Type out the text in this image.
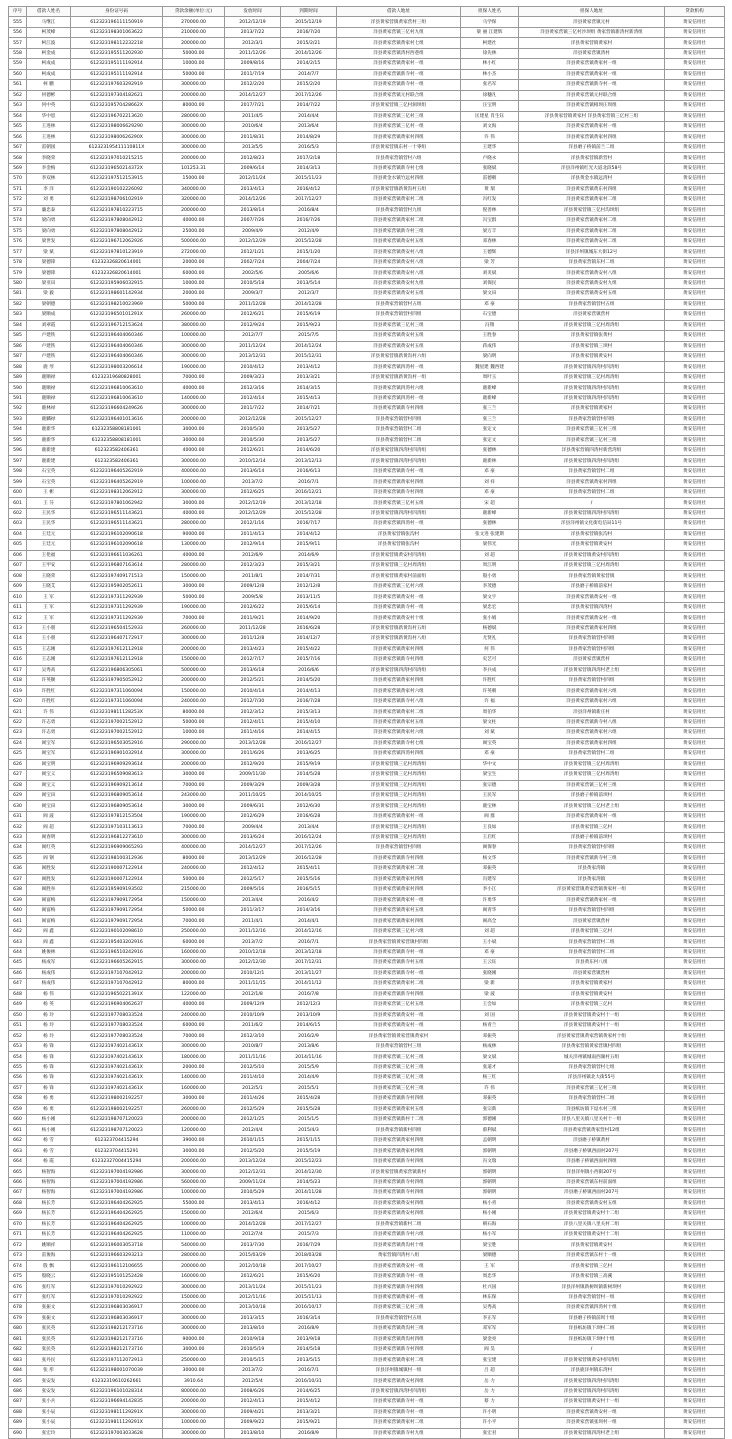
序号	借款人姓名	身份证号码	贷款余额(单位:元)	发放时间	到期时间	借款人地址	担保人姓名	担保人地址	贷款机构
555	马继江	612323196111150919	270000.00	2012/12/19	2015/12/19	洋县黄家营镇黄家营村三组	马学保	洋县黄家营镇元村	黄安信用社
556	柯茂峰	612323198301063622	210000.00	2013/7/22	2016/7/20	洋县黄家营镇三亿村九组	梁 丽 江建辉	洋县黄家营镇三亿村沙坝组 黄家营镇新湾村新湾组	黄安信用社
557	柯江波	612323198112232218	200000.00	2012/3/1	2015/2/21	洋县黄家营镇黄家村七组	柯建社	洋县黄家营镇黄家村	黄安信用社
558	柯金成	612323195511202930	50000.00	2011/12/26	2014/12/26	洋县黄家营镇湾村西巷组	徐先林	洋县黄家营镇湾村	黄安信用社
559	柯成成	612323195111192914	10000.00	2009/8/16	2014/2/15	洋县黄家营镇黄家村一组	林小红	洋县黄家营镇黄家村一组	黄安信用社
560	柯成成	612323195111192914	50000.00	2011/7/19	2014/7/7	洋县黄家营镇新寺村一组	林小杰	洋县黄家营镇黄家村一组	黄安信用社
561	柯 鹏	612323197603292919	300000.00	2012/2/20	2015/2/20	洋县黄家营镇新寺村一组	张名军	洋县黄家营镇新寺村一组	黄安信用社
562	何德彬	612323197304182621	200000.00	2014/12/27	2017/12/26	洋县黄家营镇元村联合组	徐穗凡	洋县黄家营镇元村联合组	黄安信用社
563	何中英	61232319570428662X	80000.00	2017/7/21	2014/7/22	洋县黄家营镇三亿村洞坝组	汪宝明	洋县黄家营镇相坝庄坝组	黄安信用社
564	华中恩	612323196702213620	280000.00	2011/4/5	2014/4/4	洋县黄家营镇三亿村三组	匡建星 肖生钰	洋县黄家营镇黄家村 洋县黄家营镇三亿村三组	黄安信用社
565	王进林	612323198006629290	300000.00	2010/6/4	2013/6/4	洋县黄家营镇三亿村一组	刘文海	洋县黄家营镇黄家村一组	黄安信用社
566	王进林	61232319800626290X	300000.00	2011/8/31	2014/8/29	洋县黄家营镇黄家村四组	许 伟	洋县黄家营镇黄家村四组	黄安信用社
567	雷朝国	612323195411110811X	300000.00	2013/5/5	2016/5/3	洋县黄家营镇东村一十零组	王建华	洋县磨子桥镇前兰二组	黄安信用社
568	李晓荣	612323197010215215	200000.00	2012/8/23	2017/2/18	洋县黄家营镇营村六组	卢晓永	洋县黄家营镇新营村	黄安信用社
569	李金梅	61232319650214372X	101253.31	2009/6/14	2014/3/13	洋县黄家营镇新寺村七组	张晓斌	洋县洋州镇红光大道北段58号	黄安信用社
570	李双林	612323197512153915	15000.00	2012/11/24	2015/11/23	洋县黄金水镇竹远村四组	雷德朝	洋县黄金水镇远湾村	黄安信用社
571	李 洋	612323190102226092	340000.00	2013/4/13	2016/4/12	洋县黄家营镇新黄沟村五组	黄 瑞	洋县黄家营镇黄东村四组	黄安信用社
572	刘 勇	612323198706102919	320000.00	2014/12/26	2017/12/27	洋县黄家营镇黄家村二组	冯红发	洋县黄家营镇黄家村二组	黄安信用社
573	廉忠泰	612323197810223715	200000.00	2013/8/14	2016/8/4	洋县黄家营镇营村九组	倪善林	洋县黄家营镇三亿村沟坝组	黄安信用社
574	梁向勇	612323197808042912	40000.00	2007/7/26	2016/7/26	洋县黄家营镇黄家村二组	冯宝群	洋县黄家营镇黄家村二组	黄安信用社
575	梁向勇	612323197808042912	25000.00	2009/4/9	2012/4/9	洋县黄家营镇新寺村三组	梁万丰	洋县黄家营镇黄家村二组	黄安信用社
576	梁世发	612323196712062926	500000.00	2012/12/29	2015/12/28	洋县黄家营镇黄安村五组	邓春林	洋县黄家营镇黄安村二组	黄安信用社
577	梁 斌	612323197810123919	272000.00	2012/1/21	2015/1/20	洋县黄家营镇黄安村八组	王德辉	洋县洋州镇城东大街12号	黄安信用社
578	梁德锋	61232326820614001	20000.00	2002/7/24	2004/7/24	洋县黄家营镇黄安村八组	梁 芳	洋县黄家营镇东村二组	黄安信用社
579	梁德锋	61232326820614001	60000.00	2002/5/6	2005/6/6	洋县黄家营镇黄安村八组	刘炎斌	洋县黄家营镇黄安村八组	黄安信用社
580	梁亚田	612323195906032915	10000.00	2010/5/18	2013/5/14	洋县黄家营镇黄安村九组	刘保民	洋县黄家营镇黄安村九组	黄安信用社
581	梁 毅	612323198601142934	20000.00	2009/3/7	2012/3/7	洋县黄家营镇黄安村五组	梁文田	洋县黄家营镇黄安村五组	黄安信用社
582	梁朝德	612323198210023969	50000.00	2011/12/28	2014/12/28	洋县黄家营镇营村五组	邓 豪	洋县黄家营镇营村五组	黄安信用社
583	梁顺成	61232319650101291X	260000.00	2012/6/21	2015/6/19	洋县黄家营镇营村四组	石宝德	洋县黄家营镇营村	黄安信用社
584	刘翠霞	612323196712153624	380000.00	2012/9/24	2015/9/23	洋县黄家营镇三亿村三组	冯翔	洋县黄家营镇三亿村周湾组	黄安信用社
585	卢建铁	612323196404060346	100000.00	2012/7/7	2015/7/5	洋县黄家营镇黄安村五组	王胜春	洋县黄家营镇张黄村	黄安信用社
586	卢建铁	612323196404060346	300000.00	2011/12/24	2014/12/24	洋县黄家营镇黄安村五组	蒋成伟	洋县黄家营镇三坝村	黄安信用社
587	卢建铁	612323196404060346	300000.00	2013/12/31	2015/12/31	洋县黄家营镇新黄沟村六组	梁向明	洋县黄家营镇黄安村	黄安信用社
588	鹿 琴	612323198003206614	190000.00	2010/4/12	2013/4/12	洋县黄家营镇四湾村一组	魏星建 魏西建	洋县黄家营镇四湾村四湾组	黄安信用社
589	鹿顺禄	61232319680828001	70000.00	2009/3/23	2013/3/21	洋县黄家营镇新黄沟村一组	周叶玉	洋县黄家营镇三亿村周湾组	黄安信用社
590	鹿顺禄	612323196810063610	40000.00	2012/3/16	2014/3/15	洋县黄家营镇四湾村六组	鹿新峰	洋县黄家营镇四湾村四湾组	黄安信用社
591	鹿顺禄	612323196810063610	140000.00	2012/4/14	2015/4/13	洋县黄家营镇四湾村一组	鹿新峰	洋县黄家营镇四湾村四湾组	黄安信用社
592	鹿林禄	612323196604249626	300000.00	2011/7/22	2014/7/21	洋县黄家营镇新寺村四组	张三兰	洋县黄家营镇黄家村	黄安信用社
593	鹿麟禄	612323196401013616	200000.00	2012/12/28	2015/12/27	洋县黄家营镇营村四组	张三兰	洋县黄家营镇营村四组	黄安信用社
594	鹿新华	61232358808181001	30000.00	2010/5/30	2013/5/27	洋县黄家营镇营村二组	张定文	洋县黄家营镇三亿村三组	黄安信用社
595	鹿新华	61232358808181001	30000.00	2010/5/30	2013/5/27	洋县黄家营镇营村二组	张定文	洋县黄家营镇三亿村三组	黄安信用社
596	鹿新建	612323582406361	40000.00	2012/6/21	2014/6/20	洋县黄家营镇四湾村四湾组	张德林	洋县黄家营镇四湾村新营湾组	黄安信用社
597	鹿新建	612323582406361	300000.00	2010/12/14	2013/12/13	洋县黄家营镇四湾村四湾组	鹿新林	洋县黄家营镇四湾村四湾组	黄安信用社
598	石宝英	612323196405262919	400000.00	2013/6/14	2016/6/13	洋县黄家营镇新寺村一组	邓 豪	洋县黄家营镇营村二组	黄安信用社
599	石宝英	612323196405262919	100000.00	2013/7/2	2016/7/1	洋县黄家营镇黄家村四组	刘 祥	洋县黄家营镇黄家村四组	黄安信用社
600	王 彬	612323198312062912	300000.00	2012/6/25	2016/12/21	洋县黄家营镇新寺村四组	邓 豪	洋县黄家营镇营村二组	黄安信用社
601	王 芬	612323197801062942	30000.00	2012/12/19	2013/12/18	洋县黄家营镇三亿村五组	宋 超	/	黄安信用社
602	王民华	612323196511143621	40000.00	2012/12/29	2015/12/28	洋县黄家营镇四湾村四湾组	鹿新峰	洋县黄家营镇四湾村四湾组	黄安信用社
603	王民华	612323196511143621	280000.00	2012/1/16	2016/7/17	洋县黄家营镇四湾村一组	张德林	洋县洋州镇文化街电信局11号	黄安信用社
604	王廷元	612323196102090618	90000.00	2011/4/13	2014/4/12	洋县黄家营镇张沟村	张文进 张建斯	洋县黄家营镇张沟村	黄安信用社
605	王廷元	612323196102090618	130000.00	2012/9/14	2015/9/11	洋县黄家营镇张沟村	梁伟光	洋县黄家营镇黄安村	黄安信用社
606	王伦福	612323196611036261	40000.00	2012/6/9	2014/6/9	洋县黄家营镇黄安村四湾组	刘 超	洋县黄家营镇黄安村四湾组	黄安信用社
607	王甲安	612323196807163614	280000.00	2012/3/23	2015/3/21	洋县黄家营镇三亿村周湾组	周江明	洋县黄家营镇三亿村周湾组	黄安信用社
608	王晓荣	612323197409171513	150000.00	2011/8/1	2014/7/31	洋县黄家营镇黄家村前面组	殷小勇	洋县黄家营镇黄家营镇	黄安信用社
609	王晓艾	612323195902052611	30000.00	2009/12/8	2012/12/8	洋县黄家营镇三亿村六组	李茂德	洋县磨子桥镇前家村	黄安信用社
610	王 军	612323197311292939	50000.00	2009/5/8	2013/11/5	洋县黄家营镇黄安村一组	梁文宇	洋县黄家营镇黄安村一组	黄安信用社
611	王 军	612323197311292939	190000.00	2012/6/22	2015/6/14	洋县黄家营镇新寺村一组	梁忠宏	洋县黄家营镇四湾村	黄安信用社
612	王 军	612323197311292939	70000.00	2011/9/21	2014/9/20	洋县黄家营镇黄安村十组	张小娟	洋县黄家营镇黄安村一组	黄安信用社
613	王小朋	612323196504152933	260000.00	2011/12/28	2016/6/28	洋县黄家营镇新黄沟村五组	杨德斌	洋县黄家营镇黄家村四组	黄安信用社
614	王小朋	612323196407172917	300000.00	2011/12/8	2014/12/7	洋县黄家营镇新黄沟村八组	尤贤礼	洋县黄家营镇营村四组	黄安信用社
615	王志刚	612323197612112918	200000.00	2013/4/23	2015/4/22	洋县黄家营镇黄家村四组	何 伟	洋县黄家营镇营村四组	黄安信用社
616	王志刚	612323197612112918	150000.00	2012/7/17	2015/7/16	洋县黄家营镇新寺村四组	史艺可	洋县黄家营镇营村	黄安信用社
617	吴秀高	612323196806305061	500000.00	2013/6/18	2016/6/6	洋县黄家营镇四湾村四湾组	李兵成	洋县黄家营镇四湾村老上组	黄安信用社
618	许英顺	612323197905052912	200000.00	2012/5/21	2014/5/20	洋县黄家营镇黄家村四组	许胜红	洋县黄家营镇营村四组	黄安信用社
619	许胜红	612323197311060094	150000.00	2010/4/14	2014/4/13	洋县黄家营镇黄家村六组	许英朝	洋县黄家营镇黄家村六组	黄安信用社
620	许胜红	612323197311060094	240000.00	2012/7/30	2016/7/28	洋县黄家营镇新寺村八组	许 福	洋县黄家营镇黄家村六组	黄安信用社
621	许 伟	61232319811128253X	80000.00	2012/3/12	2015/3/13	洋县黄家营镇黄家村二组	周伯华	洋县洋州镇新庄村	黄安信用社
622	许志勇	612323197002152912	50000.00	2012/4/11	2015/4/10	洋县黄家营镇黄家村五组	梁文柱	洋县黄家营镇新寺村八组	黄安信用社
623	许志勇	612323197002152912	10000.00	2011/4/16	2014/4/15	洋县黄家营镇黄家村六组	刘 斌	洋县黄家营镇黄家村六组	黄安信用社
624	阎宝军	612323196503052916	290000.00	2013/12/28	2016/12/27	洋县黄家营镇新寺村七组	阎宝英	洋县黄家营镇黄家村四组	黄安信用社
625	阎宝军	612323196901032914	300000.00	2011/6/26	2013/6/25	洋县黄家营镇四湾村四组	邓 豪	洋县黄家营镇营村二组	黄安信用社
626	阎宝明	612323196909293614	200000.00	2012/9/20	2015/9/19	洋县黄家营镇三亿村周湾组	华中文	洋县黄家营镇三亿村周湾组	黄安信用社
627	阎宝义	612323196509083613	30000.00	2009/11/30	2014/5/28	洋县黄家营镇三亿村周湾组	梁宝生	洋县黄家营镇三亿村周湾组	黄安信用社
628	阎宝义	612323196909213614	70000.00	2009/3/29	2009/3/28	洋县黄家营镇三亿村周湾组	张宗德	洋县黄家营镇三亿村三组	黄安信用社
629	阎宝田	612323196809053614	243000.00	2011/10/25	2014/10/25	洋县黄家营镇三亿村周湾组	王民军	洋县磨子桥镇前坝村	黄安信用社
630	阎宝田	612323196809053614	30000.00	2009/6/31	2012/6/30	洋县黄家营镇三亿村周湾组	鹿宝林	洋县黄家营镇三亿村老上组	黄安信用社
631	阎 波	612323197812153504	190000.00	2012/6/29	2016/6/28	洋县黄家营镇黄家村一组	阎 群	洋县黄家营镇黄家村一组	黄安信用社
632	阎 超	612323197103113613	70000.00	2009/4/4	2013/4/4	洋县黄家营镇三亿村周湾组	王良如	洋县黄家营镇三亿村	黄安信用社
633	阎春明	612323196812273610	300000.00	2013/6/24	2016/12/24	洋县黄家营镇三亿村周湾组	王启红	洋县磨子桥镇前坝村	黄安信用社
634	阎红英	612323196909065293	400000.00	2014/12/27	2017/12/26	洋县黄家营镇营村四组	阎保春	洋县黄家营镇营村四组	黄安信用社
635	阎 钢	612323198100312936	80000.00	2013/12/29	2016/12/28	洋县黄家营镇新寺村四组	杨文华	洋县黄家营镇新寺村三组	黄安信用社
636	阎胜发	612323190007122914	240000.00	2012/4/12	2015/4/11	洋县黄家营镇黄家村二组	邓振英	洋县黄家湾镇	黄安信用社
637	阎胜发	612323190007122914	50000.00	2012/5/17	2015/5/16	洋县黄家营镇黄家村四组	冯建军	洋县黄家湾镇	黄安信用社
638	阎胜举	612323195909193502	215000.00	2009/5/16	2016/5/15	洋县黄家营镇黄家村四组	李小江	洋县黄家营镇黄家营镇黄家村一组	黄安信用社
639	阎富梅	612323197909172954	150000.00	2013/4/4	2016/4/2	洋县黄家营镇黄家村一组	许勇华	洋县黄家营镇黄家村一组	黄安信用社
640	阎富梅	612323197909172954	50000.00	2011/3/17	2014/3/16	洋县黄家营镇黄家村五组	阎青华	洋县黄家营镇营村四组	黄安信用社
641	阎富梅	612323197909172954	70000.00	2011/4/1	2014/4/1	洋县黄家营镇黄家村四组	阎高全	洋县黄家营镇营村	黄安信用社
642	阎 鑫	612323190102098610	250000.00	2011/12/16	2014/12/16	洋县黄家营镇三亿村六组	刘 超	洋县黄家营镇三亿村	黄安信用社
643	阎 鑫	612323195403202916	60000.00	2013/7/2	2016/7/1	洋县黄家营镇黄家营镇村四组	王小斌	洋县黄家营镇营村二组	黄安信用社
644	姚俊林	612323196510242916	160000.00	2010/12/18	2013/12/18	洋县黄家营镇新寺村一组	邓 豪	洋县黄家营镇营村二组	黄安信用社
645	杨成军	612323196605262915	300000.00	2012/12/30	2017/12/31	洋县黄家营镇新寺村五组	王云钰	洋县黄东村八组	黄安信用社
646	杨成伟	612323197107042912	200000.00	2010/12/1	2013/11/27	洋县黄家营镇新寺村一组	张晓刚	洋县黄家营镇营村	黄安信用社
647	杨成伟	612323197107042912	80000.00	2011/11/15	2014/11/12	洋县黄家营镇黄家村二组	梁 新	洋县黄家营镇黄家村	黄安信用社
648	杨 伟	61232319650221391X	122000.00	2012/1/8	2016/7/8	洋县黄家营镇新寺村四组	梁 波	洋县黄家营镇黄安村	黄安信用社
649	杨 英	612323196904062637	40000.00	2009/12/9	2012/12/3	洋县黄家营镇三亿村五组	王会如	洋县黄家营镇三亿村	黄安信用社
650	杨 玲	612323197708033524	240000.00	2010/10/9	2013/10/9	洋县黄家营镇黄安村一组	刘 国	洋县黄家营镇黄安村十一组	黄安信用社
651	杨 玲	612323197708033524	60000.00	2011/6/2	2014/6/15	洋县黄家营镇黄安村一组	杨青兰	洋县黄家营镇黄安村十一组	黄安信用社
652	杨 玲	612323197708033524	70000.00	2012/3/10	2016/2/9	洋县黄家营镇黄家营镇黄家村	邓振英	洋县黄家营镇黄家营镇黄家村十组	黄安信用社
653	杨 锋	61232319740214361X	300000.00	2010/8/7	2013/8/6	洋县黄家营镇营村三组	杨成林	洋县黄家营镇黄家营镇村四组	黄安信用社
654	杨 锋	61232319740214361X	180000.00	2011/11/16	2014/11/16	洋县黄家营镇三亿村三组	梁文斌	城关洋州镇城南西湖村五组	黄安信用社
655	杨 锋	61232319740214361X	20000.00	2012/5/10	2015/5/9	洋县黄家营镇三亿村三组	张道才	洋县黄家营镇营村七组	黄安信用社
656	杨 锋	61232319740214361X	140000.00	2011/4/10	2014/4/9	洋县黄家营镇三亿村三组	杨三红	洋县洋州镇北大街55号	黄安信用社
657	杨 锋	61232319740214361X	160000.00	2012/5/1	2015/5/1	洋县黄家营镇三亿村三组	许 伟	洋县黄家营镇三亿村三组	黄安信用社
658	杨 勇	612323198002192257	30000.00	2011/4/26	2015/4/28	洋县黄家营镇新寺村四组	邓振英	洋县黄家营镇营村二组	黄安信用社
659	杨 勇	612323198002192257	260000.00	2012/5/29	2015/5/28	洋县黄家营镇黄家村五组	张宗新	洋县纸坊镇下逗水村三组	黄安信用社
660	杨小刚	612323198707120023	200000.00	2012/1/25	2015/1/5	洋县黄家营镇新村十二组	郭德刚	洋县八里关镇八里关村十一组	黄安信用社
661	杨小刚	612323198707120023	120000.00	2012/4/4	2015/4/3	洋县黄家营镇新村四组	蔡利斌	洋县黄家营镇黄家营村12组	黄安信用社
662	杨 雪	612323704415294	39000.00	2010/1/15	2015/1/15	洋县黄家营镇黄家村四组	孟朝明	洋县磨子桥镇黄村	黄安信用社
663	杨 雪	612323704415291	30000.00	2012/5/20	2015/5/19	洋县黄家营镇黄家村四组	郭朝明	洋县磨子桥镇西面村207号	黄安信用社
664	杨 霞	61232327004415294	200000.00	2013/12/24	2015/12/23	洋县黄家营镇新寺村四组	冯文瑞	洋县磨子桥镇西面村四组	黄安信用社
665	杨智海	612323197004192986	300000.00	2012/12/31	2014/12/30	洋县黄家营镇黄家营镇新村	郭朝明	洋县洋州镇小西街207号	黄安信用社
666	杨智海	612323197004192986	560000.00	2009/11/24	2014/5/23	洋县黄家营镇新寺村四组	郭朝明	洋县黄家营镇东村前面组	黄安信用社
667	杨智海	612323197004192986	100000.00	2010/5/29	2014/11/28	洋县黄家营镇新寺村四组	郭朝明	洋县磨子桥镇西面村207号	黄安信用社
668	杨长芳	612323196404262925	55000.00	2013/4/13	2016/4/12	洋县黄家营镇黄安村四组	杨小青	洋县黄家营镇黄安村五组	黄安信用社
669	杨长芳	612323196404262925	150000.00	2012/6/4	2015/6/3	洋县黄家营镇黄安村四组	杨小刚	洋县黄家营镇黄安村十二组	黄安信用社
670	杨长芳	612323196404262925	100000.00	2014/12/28	2017/12/27	洋县黄家营镇新村二组	朝石海	洋县八里关镇八里关村二组	黄安信用社
671	杨长芳	612323196404262925	110000.00	2012/7/4	2015/7/3	洋县黄家营镇新寺村六组	杨小军	洋县黄家营镇黄安村十二组	黄安信用社
672	姚顺祥	612323196003053718	540000.00	2013/7/30	2016/7/29	洋县黄家营镇黄沟村十组	梁宝胜	洋县黄家营镇黄安村	黄安信用社
673	雷俊海	612323196603293213	280000.00	2015/03/29	2018/03/28	黄家营镇四湾村八组	梁顺德	洋县黄家营镇东村十一组	黄安信用社
674	殷 飘	612323196112106655	200000.00	2012/10/18	2017/10/27	洋县黄家营镇黄安村一组	王 军	洋县黄家营镇三亿村	黄安信用社
675	殷晓云	612323195101252428	160000.00	2012/6/21	2015/6/20	洋县黄家营镇新寺村一组	周忠华	洋县黄家营镇三高溪	黄安信用社
676	张红军	612323197010292922	300000.00	2013/11/24	2015/11/23	洋县黄家营镇新寺村四组	杜兴国	洋县洋州镇新树坝镇新树坝村	黄安信用社
677	张红军	612323197010292922	150000.00	2012/11/16	2015/11/13	洋县黄家营镇黄家村一组	林东保	洋县黄家营镇营村一组	黄安信用社
678	张振文	612323196803036917	200000.00	2013/10/18	2016/10/17	洋县黄家营镇三亿村三组	吴秀高	洋县黄家营镇四湾村十组	黄安信用社
679	张振文	612323196803036917	300000.00	2013/3/15	2016/3/14	洋县黄家营镇营村五组	李正军	洋县磨子桥镇前坝十组	黄安信用社
680	张民英	612323198212173716	300000.00	2013/8/10	2016/8/9	洋县黄家营镇黄沟村三组	邓军军	洋县纸坊镇下坝村二组	黄安信用社
681	张民英	612323198212173716	90000.00	2010/9/18	2013/9/18	洋县黄家营镇黄沟村四组	梁金亮	洋县纸坊镇下坝村十组	黄安信用社
682	张民英	612323198212173716	30000.00	2010/5/19	2014/5/18	洋县黄家营镇新寺村四组	阎 昊	/	黄安信用社
683	张丹民	612323197112072913	250000.00	2010/5/15	2013/5/15	洋县黄家营镇黄家村二组	张宝建	洋县黄家营镇黄安村四湾组	黄安信用社
684	张 彤	612323198001070039	30000.00	2013/7/2	2016/7/1	洋县洋州镇城镇村一组	吕 超	洋县鹿洋州镇东湾村	黄安信用社
685	张安发	61232319610262661	3910.64	2012/5/4	2016/10/31	洋县黄家营镇黄安村四组	岳 力	洋县黄家营镇四湾村四湾组	黄安信用社
686	张安发	612323196101028314	800000.00	2008/6/26	2014/6/25	洋县黄家营镇四湾村四湾组	岳 力	洋县黄家营镇四湾村四湾组	黄安信用社
687	张小兵	612323196694142835	200000.00	2012/4/13	2015/4/12	洋县黄家营镇新寺村一组	蔡 力	洋县黄家营镇黄安村十一组	黄安信用社
688	张小辰	61232319811129291X	300000.00	2009/4/21	2013/3/21	洋县黄家营镇新寺村一组	许小明	洋县黄家营镇黄安村一组	黄安信用社
689	张小辰	61232319811129291X	100000.00	2009/9/22	2015/9/21	洋县黄家营镇黄家村二组	许小平	洋县黄家营镇张坝村一组	黄安信用社
690	张宏玲	612323197003033628	300000.00	2013/8/10	2016/8/9	洋县黄家营镇新寺村九组	张宏君	洋县黄家营镇四湾村老上组	黄安信用社
